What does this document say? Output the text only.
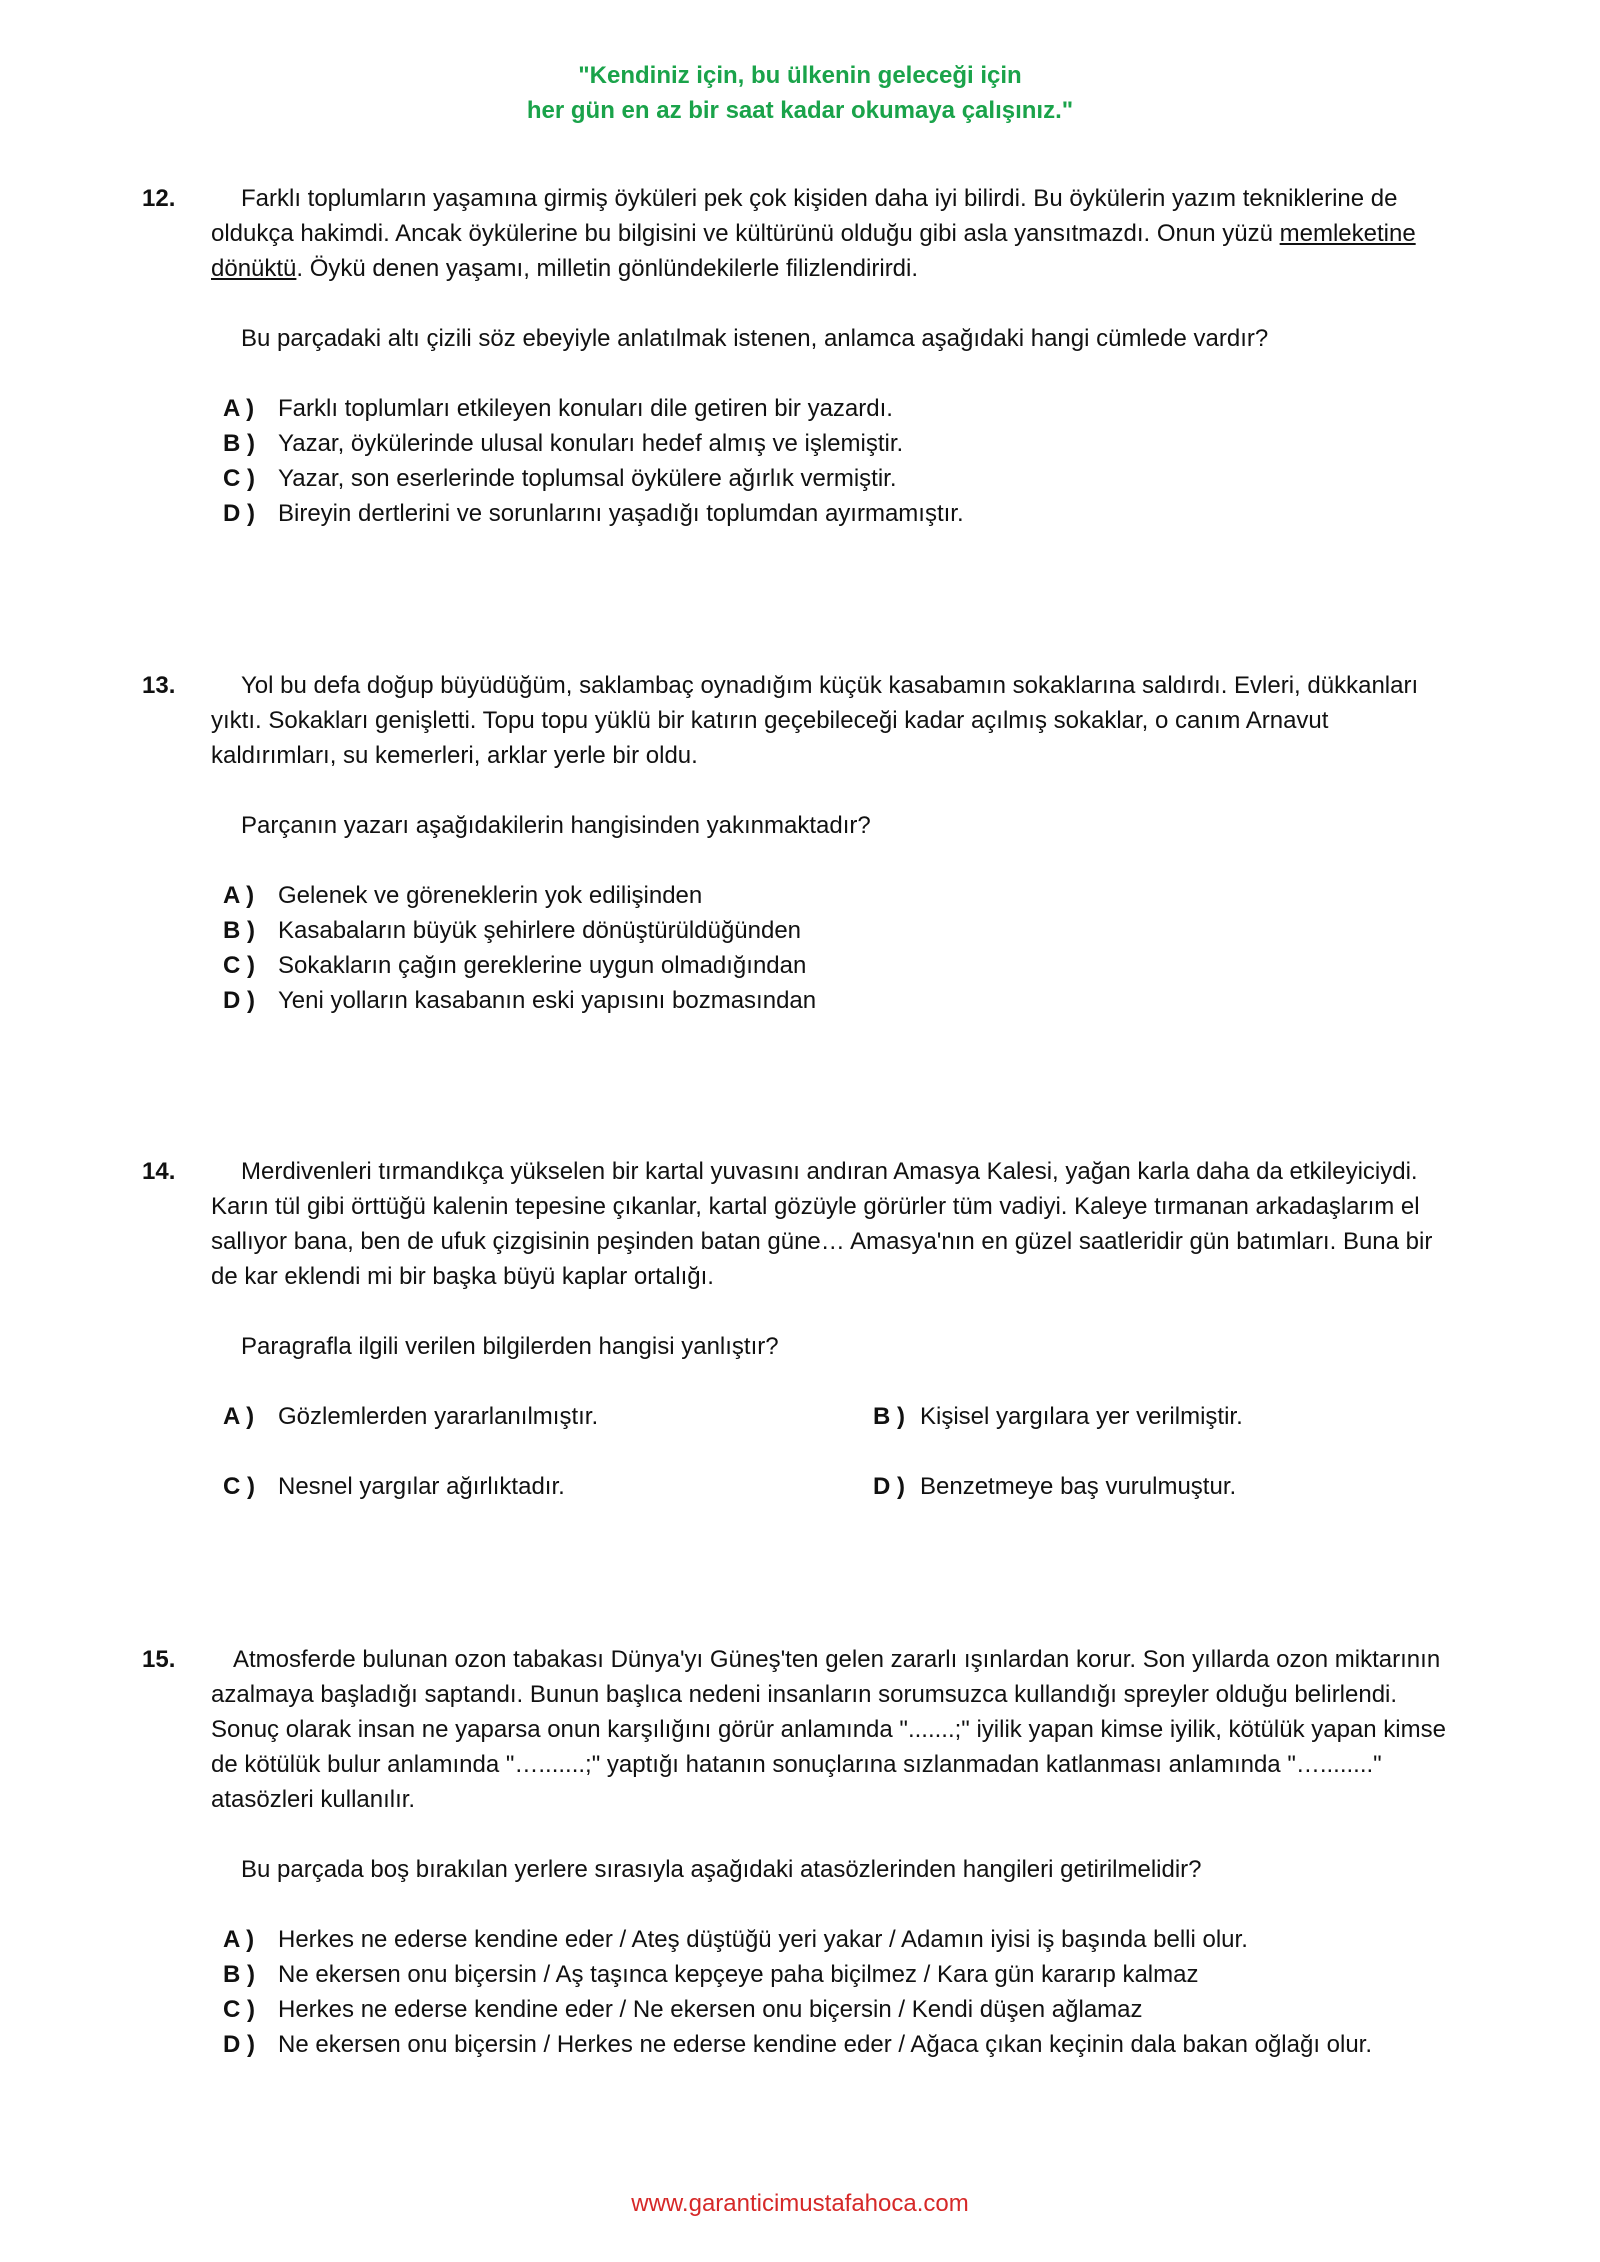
"Kendiniz için, bu ülkenin geleceği için
her gün en az bir saat kadar okumaya çalışınız."
12.	Farklı toplumların yaşamına girmiş öyküleri pek çok kişiden daha iyi bilirdi. Bu öykülerin yazım tekniklerine de oldukça hakimdi. Ancak öykülerine bu bilgisini ve kültürünü olduğu gibi asla yansıtmazdı. Onun yüzü memleketine dönüktü. Öykü denen yaşamı, milletin gönlündekilerle filizlendirirdi.

Bu parçadaki altı çizili söz ebeyiyle anlatılmak istenen, anlamca aşağıdaki hangi cümlede vardır?
A ) Farklı toplumları etkileyen konuları dile getiren bir yazardı.
B ) Yazar, öykülerinde ulusal konuları hedef almış ve işlemiştir.
C ) Yazar, son eserlerinde toplumsal öykülere ağırlık vermiştir.
D ) Bireyin dertlerini ve sorunlarını yaşadığı toplumdan ayırmamıştır.
13.	Yol bu defa doğup büyüdüğüm, saklambaç oynadığım küçük kasabamın sokaklarına saldırdı. Evleri, dükkanları yıktı. Sokakları genişletti. Topu topu yüklü bir katırın geçebileceği kadar açılmış sokaklar, o canım Arnavut kaldırımları, su kemerleri, arklar yerle bir oldu.

Parçanın yazarı aşağıdakilerin hangisinden yakınmaktadır?
A ) Gelenek ve göreneklerin yok edilişinden
B ) Kasabaların büyük şehirlere dönüştürüldüğünden
C ) Sokakların çağın gereklerine uygun olmadığından
D ) Yeni yolların kasabanın eski yapısını bozmasından
14.	Merdivenleri tırmandıkça yükselen bir kartal yuvasını andıran Amasya Kalesi, yağan karla daha da etkileyiciydi. Karın tül gibi örttüğü kalenin tepesine çıkanlar, kartal gözüyle görürler tüm vadiyi. Kaleye tırmanan arkadaşlarım el sallıyor bana, ben de ufuk çizgisinin peşinden batan güne… Amasya'nın en güzel saatleridir gün batımları. Buna bir de kar eklendi mi bir başka büyü kaplar ortalığı.

Paragrafla ilgili verilen bilgilerden hangisi yanlıştır?
A ) Gözlemlerden yararlanılmıştır.	B ) Kişisel yargılara yer verilmiştir.
C ) Nesnel yargılar ağırlıktadır.	D ) Benzetmeye baş vurulmuştur.
15.	Atmosferde bulunan ozon tabakası Dünya'yı Güneş'ten gelen zararlı ışınlardan korur. Son yıllarda ozon miktarının azalmaya başladığı saptandı. Bunun başlıca nedeni insanların sorumsuzca kullandığı spreyler olduğu belirlendi. Sonuç olarak insan ne yaparsa onun karşılığını görür anlamında ".......;" iyilik yapan kimse iyilik, kötülük yapan kimse de kötülük bulur anlamında "….......;" yaptığı hatanın sonuçlarına sızlanmadan katlanması anlamında "…........" atasözleri kullanılır.

Bu parçada boş bırakılan yerlere sırasıyla aşağıdaki atasözlerinden hangileri getirilmelidir?
A ) Herkes ne ederse kendine eder / Ateş düştüğü yeri yakar / Adamın iyisi iş başında belli olur.
B ) Ne ekersen onu biçersin / Aş taşınca kepçeye paha biçilmez / Kara gün kararıp kalmaz
C ) Herkes ne ederse kendine eder / Ne ekersen onu biçersin / Kendi düşen ağlamaz
D ) Ne ekersen onu biçersin / Herkes ne ederse kendine eder / Ağaca çıkan keçinin dala bakan oğlağı olur.
www.garanticimustafahoca.com
